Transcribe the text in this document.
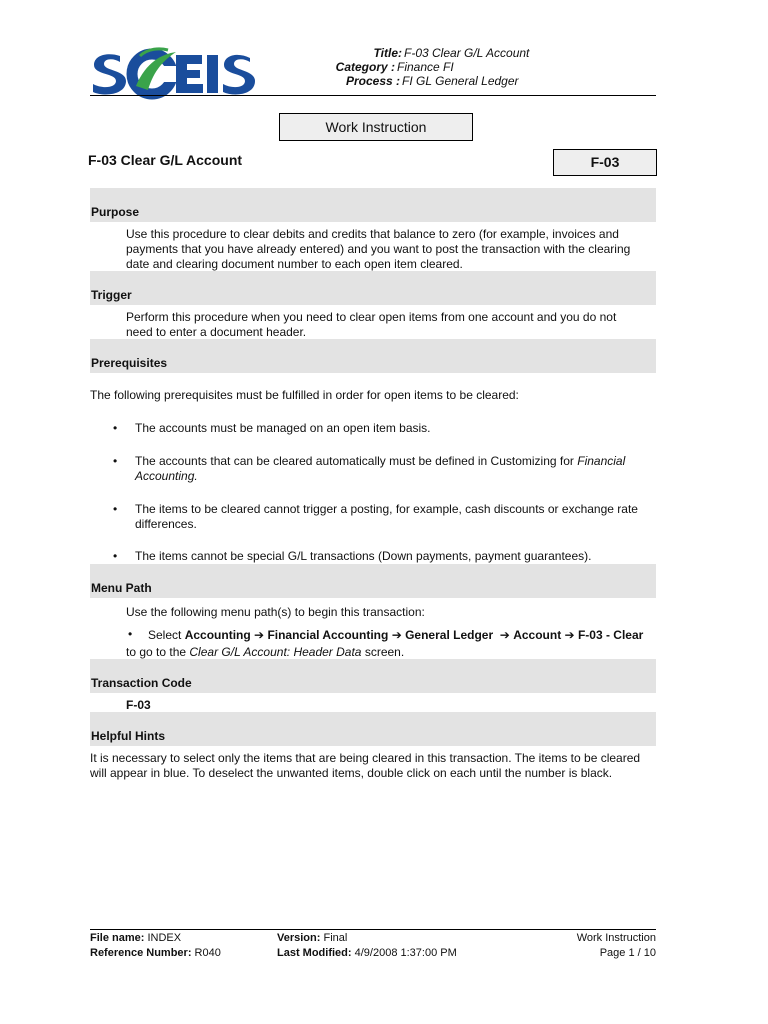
Title: F-03 Clear G/L Account
Category : Finance FI
Process : FI GL General Ledger
Work Instruction
F-03 Clear G/L Account	F-03
Purpose
Use this procedure to clear debits and credits that balance to zero (for example, invoices and payments that you have already entered) and you want to post the transaction with the clearing date and clearing document number to each open item cleared.
Trigger
Perform this procedure when you need to clear open items from one account and you do not need to enter a document header.
Prerequisites
The following prerequisites must be fulfilled in order for open items to be cleared:
• The accounts must be managed on an open item basis.
• The accounts that can be cleared automatically must be defined in Customizing for Financial Accounting.
• The items to be cleared cannot trigger a posting, for example, cash discounts or exchange rate differences.
• The items cannot be special G/L transactions (Down payments, payment guarantees).
Menu Path
Use the following menu path(s) to begin this transaction:
•	Select Accounting ➔ Financial Accounting ➔ General Ledger ➔ Account ➔ F-03 - Clear to go to the Clear G/L Account: Header Data screen.
Transaction Code
F-03
Helpful Hints
It is necessary to select only the items that are being cleared in this transaction. The items to be cleared will appear in blue. To deselect the unwanted items, double click on each until the number is black.
File name: INDEX
Reference Number: R040
Version: Final
Last Modified: 4/9/2008 1:37:00 PM
Work Instruction
Page 1 / 10
